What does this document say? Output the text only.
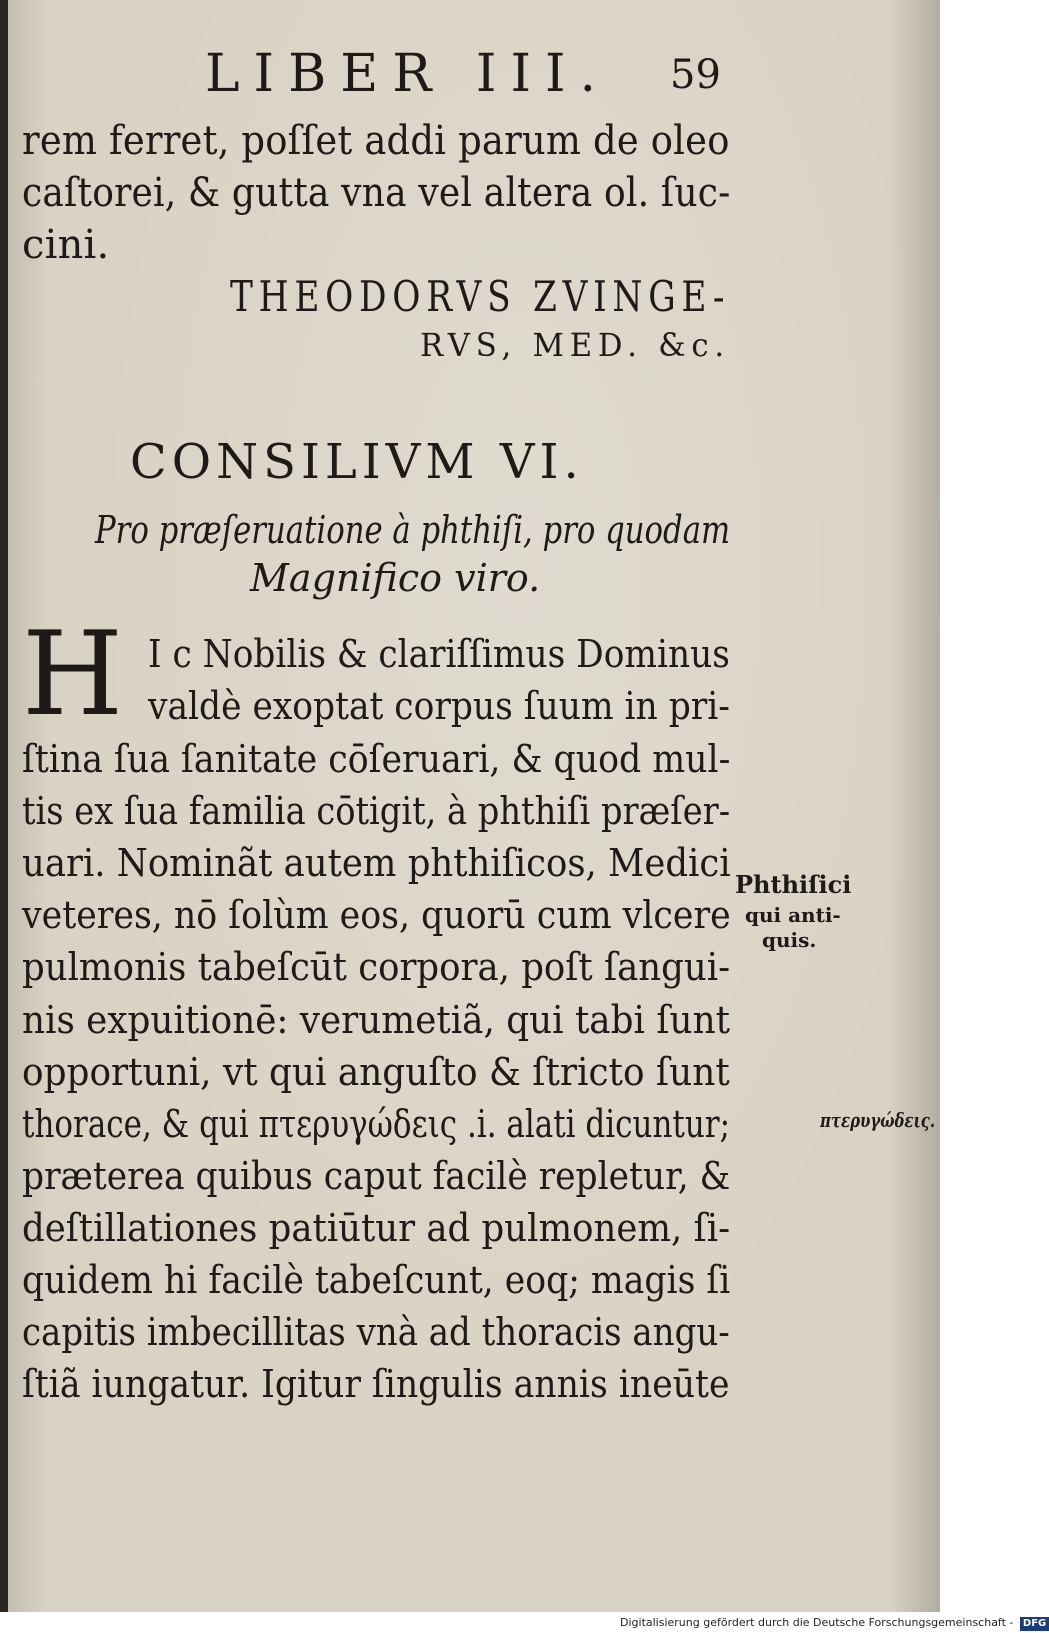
LIBER III. 59
rem ferret, poſſet addi parum de oleo
caſtorei, & gutta vna vel altera ol. ſuc-
cini.
THEODORVS ZVINGE-
RVS, MED. &c.
CONSILIVM VI.
Pro præſeruatione à phthiſi, pro quodam
Magnifico viro.
H I c Nobilis & clariſſimus Dominus
valdè exoptat corpus ſuum in pri-
ſtina ſua ſanitate cōſeruari, & quod mul-
tis ex ſua familia cōtigit, à phthiſi præſer-
uari. Nominãt autem phthiſicos, Medici
veteres, nō ſolùm eos, quorū cum vlcere
pulmonis tabeſcūt corpora, poſt ſangui-
nis expuitionē: verumetiã, qui tabi ſunt
opportuni, vt qui anguſto & ſtricto ſunt
thorace, & qui πτερυγώδεις .i. alati dicuntur;
præterea quibus caput facilè repletur, &
deſtillationes patiūtur ad pulmonem, ſi-
quidem hi facilè tabeſcunt, eoq; magis ſi
capitis imbecillitas vnà ad thoracis angu-
ſtiã iungatur. Igitur ſingulis annis ineūte
Phthiſici
qui anti-
quis.
πτερυγώδεις.
Digitalisierung gefördert durch die Deutsche Forschungsgemeinschaft - DFG
